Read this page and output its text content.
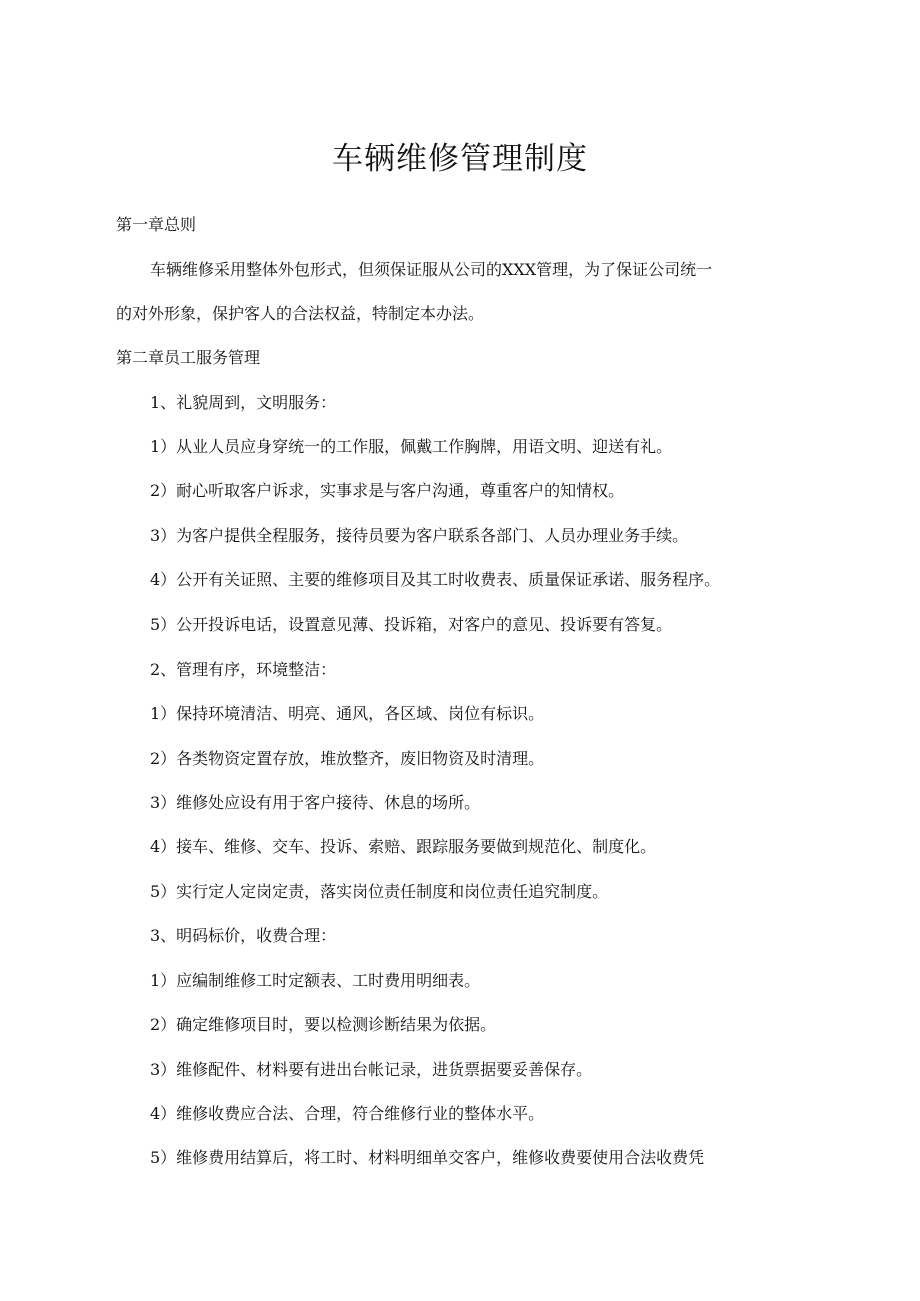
车辆维修管理制度

第一章总则

车辆维修采用整体外包形式，但须保证服从公司的XXX管理，为了保证公司统一

的对外形象，保护客人的合法权益，特制定本办法。

第二章员工服务管理

1、礼貌周到，文明服务：

1）从业人员应身穿统一的工作服，佩戴工作胸牌，用语文明、迎送有礼。

2）耐心听取客户诉求，实事求是与客户沟通，尊重客户的知情权。

3）为客户提供全程服务，接待员要为客户联系各部门、人员办理业务手续。

4）公开有关证照、主要的维修项目及其工时收费表、质量保证承诺、服务程序。

5）公开投诉电话，设置意见薄、投诉箱，对客户的意见、投诉要有答复。

2、管理有序，环境整洁：

1）保持环境清洁、明亮、通风，各区域、岗位有标识。

2）各类物资定置存放，堆放整齐，废旧物资及时清理。

3）维修处应设有用于客户接待、休息的场所。

4）接车、维修、交车、投诉、索赔、跟踪服务要做到规范化、制度化。

5）实行定人定岗定责，落实岗位责任制度和岗位责任追究制度。

3、明码标价，收费合理：

1）应编制维修工时定额表、工时费用明细表。

2）确定维修项目时，要以检测诊断结果为依据。

3）维修配件、材料要有进出台帐记录，进货票据要妥善保存。

4）维修收费应合法、合理，符合维修行业的整体水平。

5）维修费用结算后，将工时、材料明细单交客户，维修收费要使用合法收费凭
